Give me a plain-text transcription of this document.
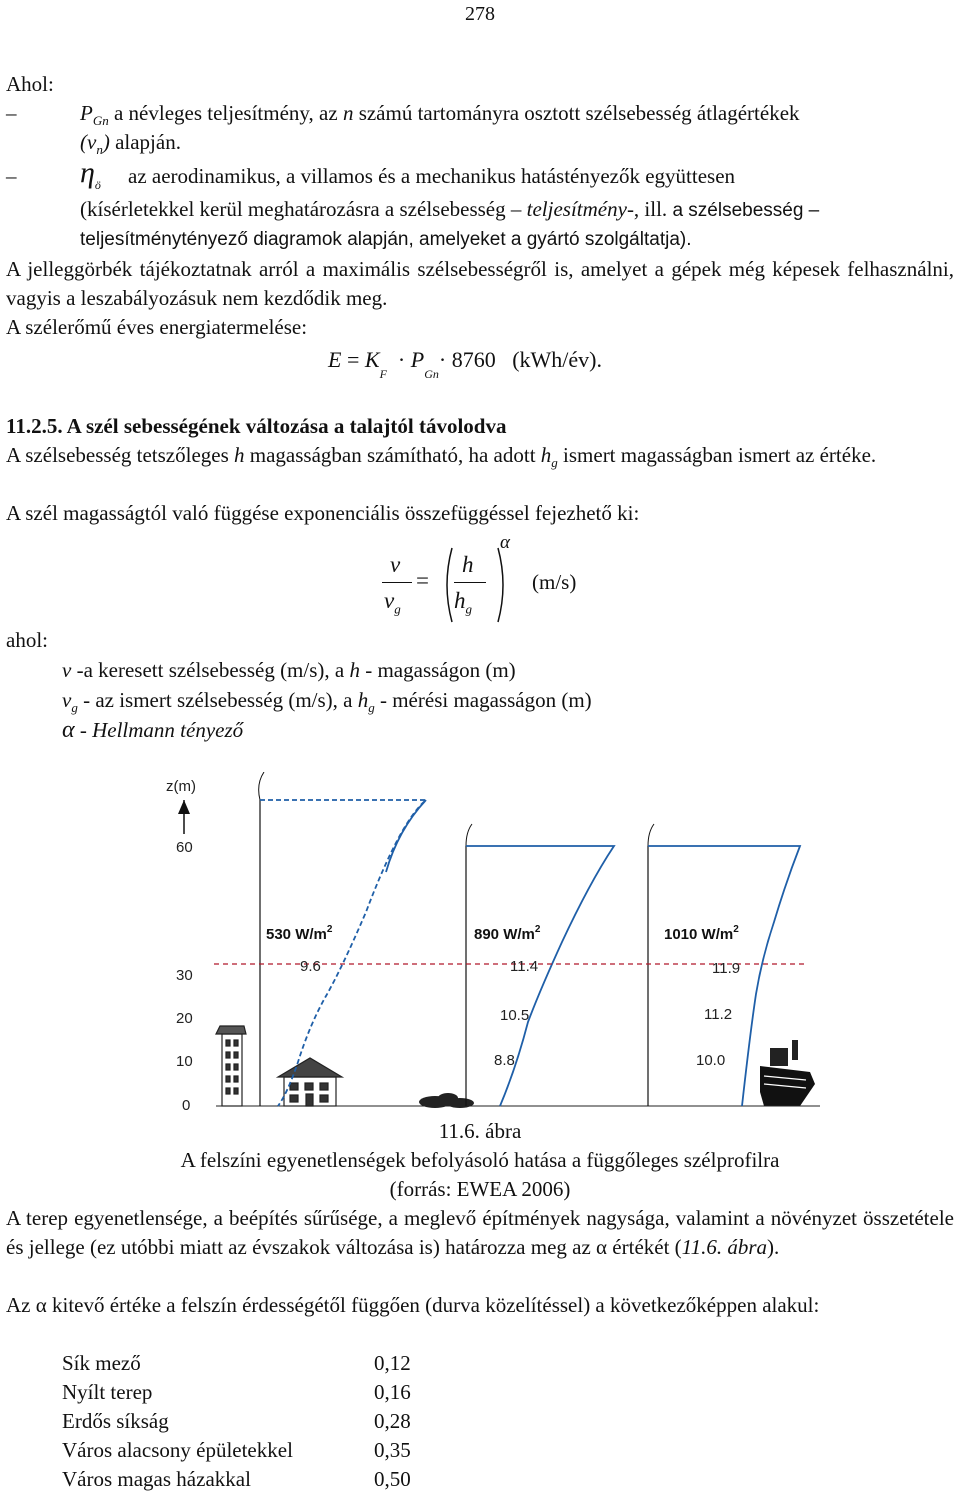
278
Ahol:
–	$P_{Gn}$ a névleges teljesítmény, az n számú tartományra osztott szélsebesség átlagértékek
$(v_n)$ alapján.
–	$\eta_ö$	az aerodinamikus, a villamos és a mechanikus hatástényezők együttesen
(kísérletekkel kerül meghatározásra a szélsebesség – teljesítmény-, ill. a szélsebesség –
teljesítménytényező diagramok alapján, amelyeket a gyártó szolgáltatja).
A jelleggörbék tájékoztatnak arról a maximális szélsebességről is, amelyet a gépek még képesek felhasználni, vagyis a leszabályozásuk nem kezdődik meg.
A szélerőmű éves energiatermelése:
$E = K_F \cdot P_{Gn}\cdot 8760$ (kWh/év).
11.2.5. A szél sebességének változása a talajtól távolodva
A szélsebesség tetszőleges h magasságban számítható, ha adott $h_g$ ismert magasságban ismert az értéke.
A szél magasságtól való függése exponenciális összefüggéssel fejezhető ki:
v
$v_g$
=
h
$h_g$
α
(m/s)
ahol:
v -a keresett szélsebesség (m/s), a h - magasságon (m)
$v_g$ - az ismert szélsebesség (m/s), a $h_g$ - mérési magasságon (m)
α - Hellmann tényező
z(m)
60
30
20
10
0
530 $W/m^2$	890 $W/m^2$	1010 $W/m^2$
9.6	11.4
10.5
8.8
11.9
11.2
10.0
11.6. ábra
A felszíni egyenetlenségek befolyásoló hatása a függőleges szélprofilra
(forrás: EWEA 2006)
A terep egyenetlensége, a beépítés sűrűsége, a meglevő építmények nagysága, valamint a növényzet összetétele és jellege (ez utóbbi miatt az évszakok változása is) határozza meg az α értékét (11.6. ábra).
Az α kitevő értéke a felszín érdességétől függően (durva közelítéssel) a következőképpen alakul:
Sík mező	0,12
Nyílt terep	0,16
Erdős síkság	0,28
Város alacsony épületekkel	0,35
Város magas házakkal	0,50
